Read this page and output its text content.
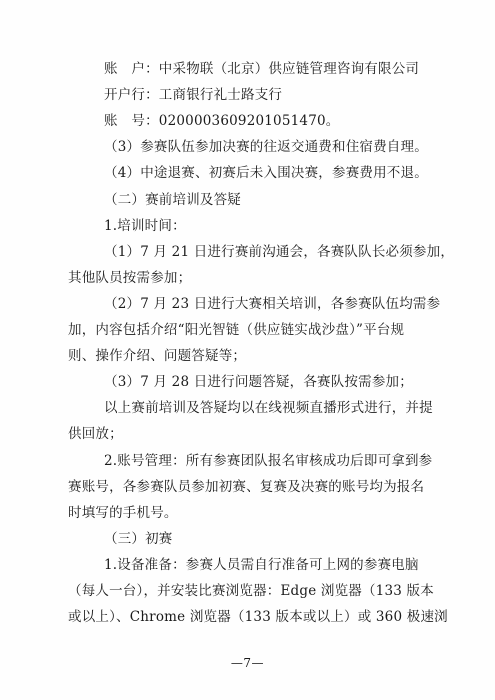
账　户：中采物联（北京）供应链管理咨询有限公司
开户行：工商银行礼士路支行
账　号：0200003609201051470。
（3）参赛队伍参加决赛的往返交通费和住宿费自理。
（4）中途退赛、初赛后未入围决赛，参赛费用不退。
（二）赛前培训及答疑
1.培训时间：
（1）7 月 21 日进行赛前沟通会，各赛队队长必须参加，
其他队员按需参加；
（2）7 月 23 日进行大赛相关培训，各参赛队伍均需参
加，内容包括介绍“阳光智链（供应链实战沙盘）”平台规
则、操作介绍、问题答疑等；
（3）7 月 28 日进行问题答疑，各赛队按需参加；
以上赛前培训及答疑均以在线视频直播形式进行，并提
供回放；
2.账号管理：所有参赛团队报名审核成功后即可拿到参
赛账号，各参赛队员参加初赛、复赛及决赛的账号均为报名
时填写的手机号。
（三）初赛
—7—
1.设备准备：参赛人员需自行准备可上网的参赛电脑
（每人一台），并安装比赛浏览器：Edge 浏览器（133 版本
或以上）、Chrome 浏览器（133 版本或以上）或 360 极速浏
